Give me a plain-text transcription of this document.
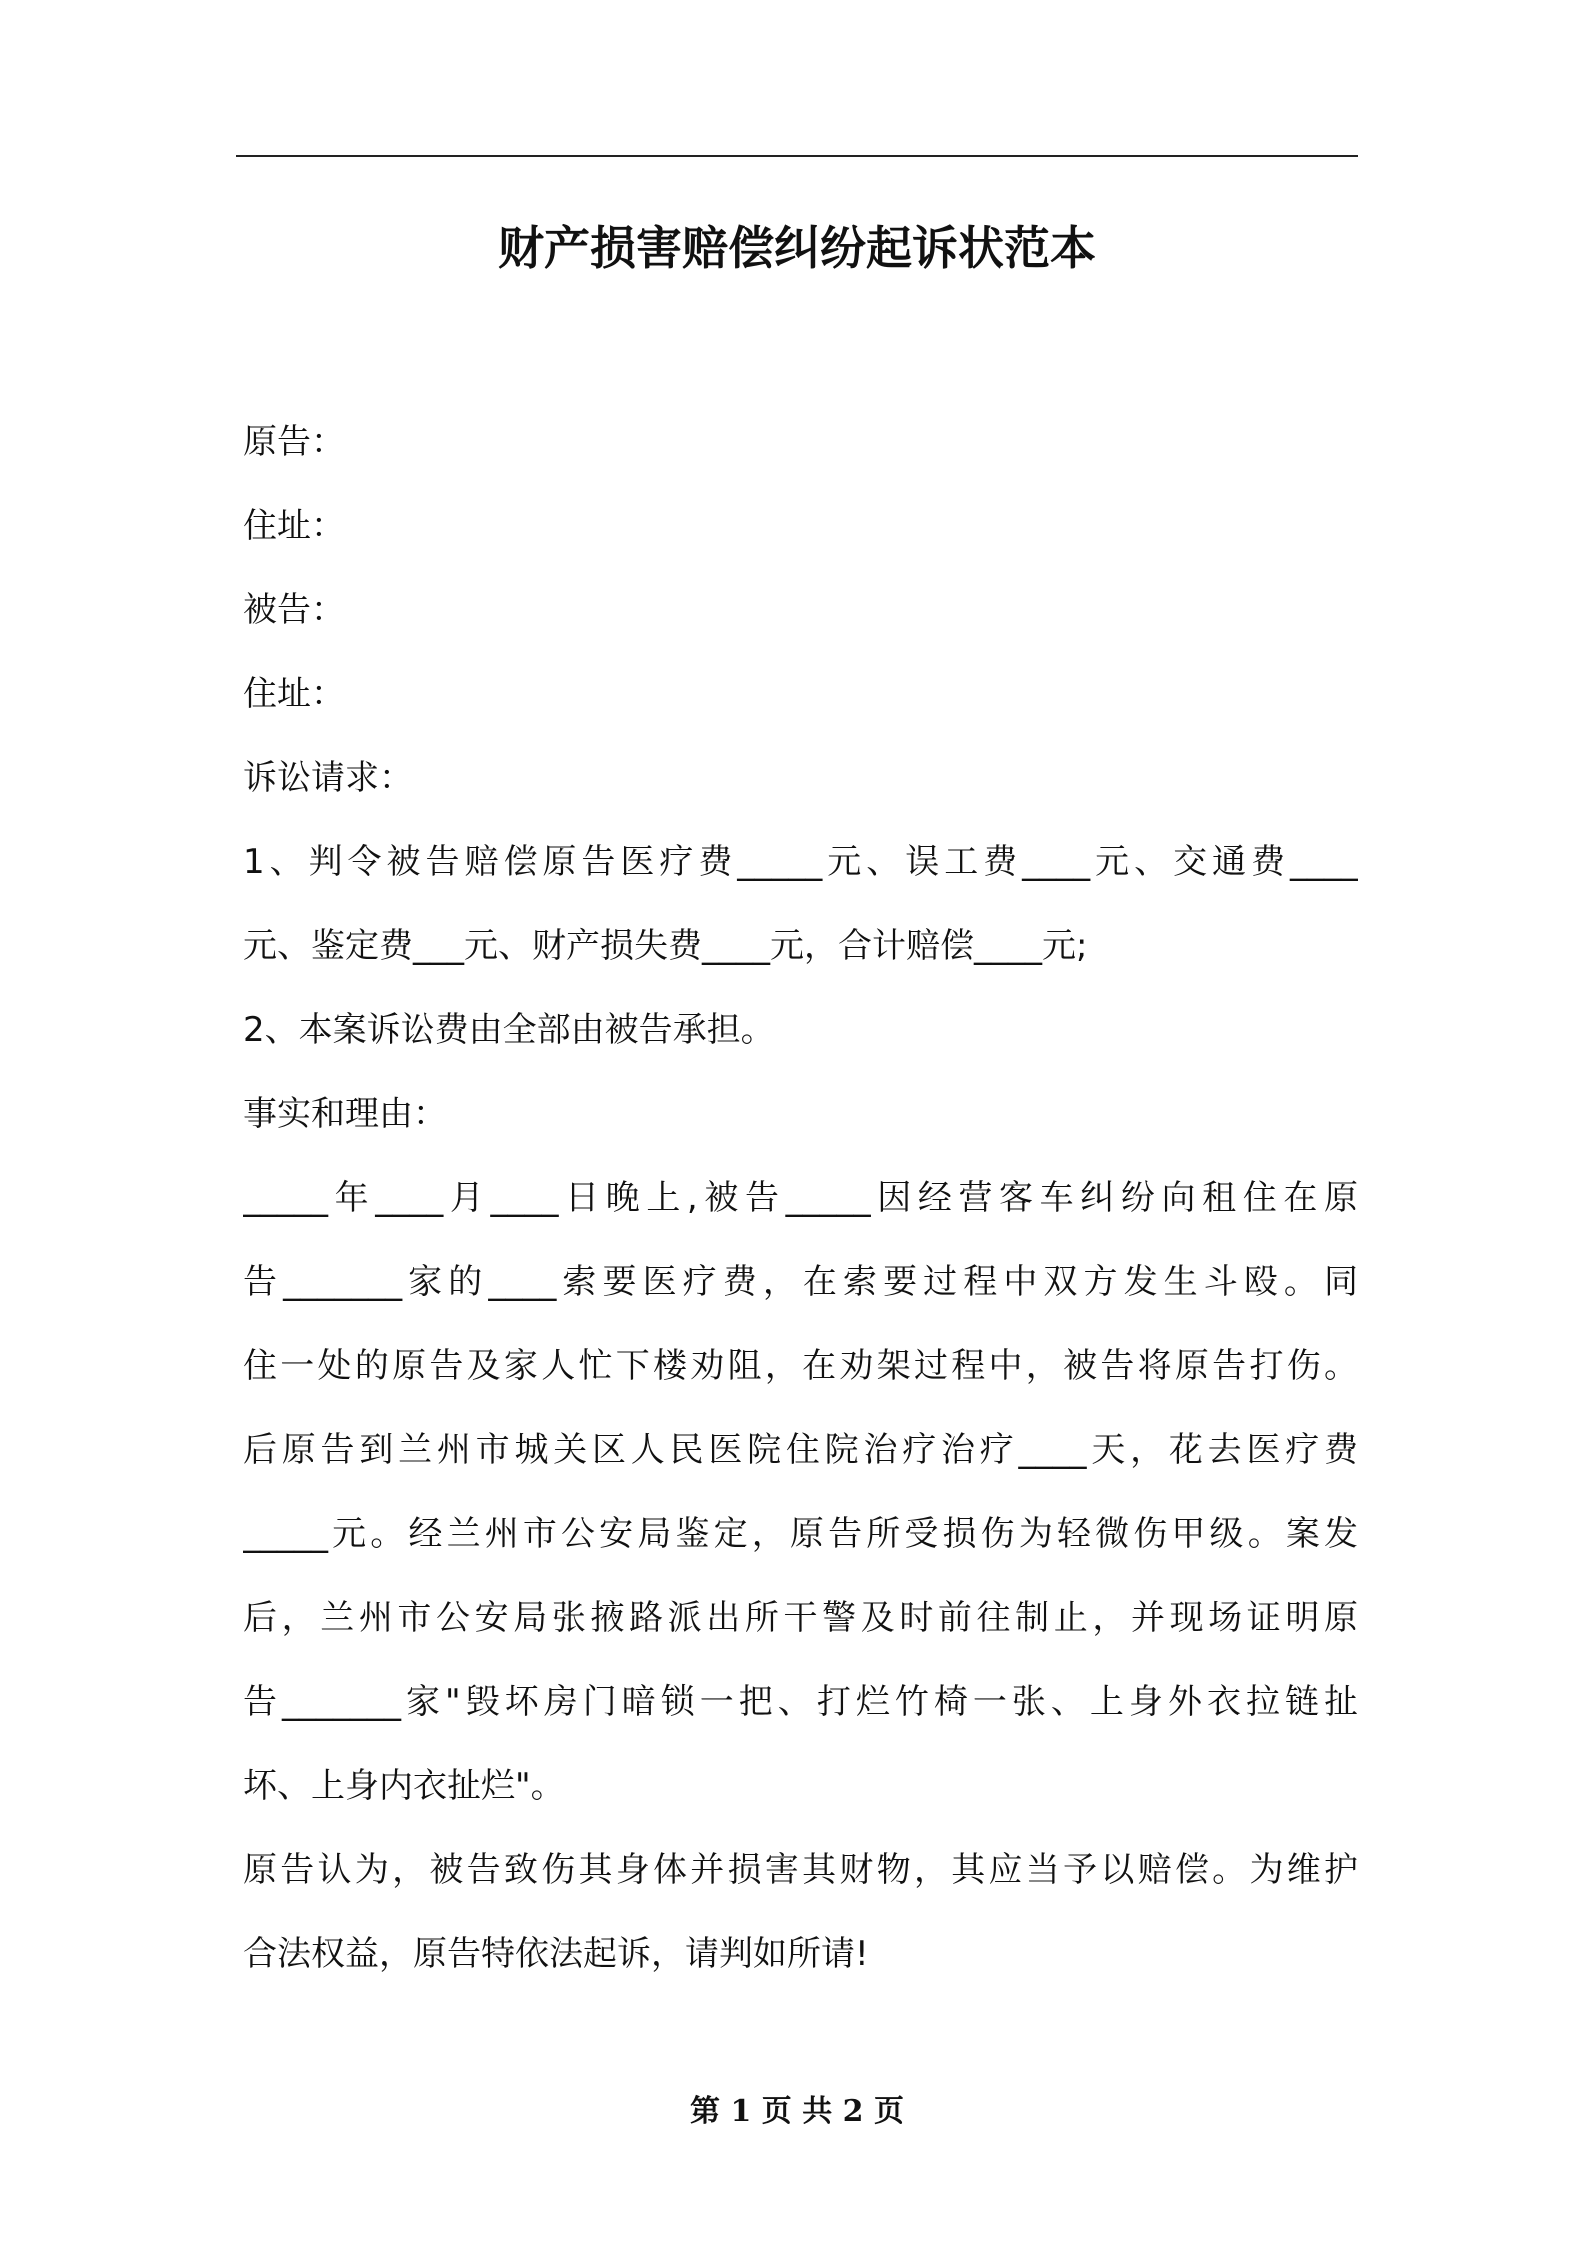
财产损害赔偿纠纷起诉状范本
原告：
住址：
被告：
住址：
诉讼请求：
1、判令被告赔偿原告医疗费_____元、误工费____元、交通费____
元、鉴定费___元、财产损失费____元，合计赔偿____元;
2、本案诉讼费由全部由被告承担。
事实和理由：
_____年____月____日晚上,被告_____因经营客车纠纷向租住在原
告_______家的____索要医疗费，在索要过程中双方发生斗殴。同
住一处的原告及家人忙下楼劝阻，在劝架过程中，被告将原告打伤。
后原告到兰州市城关区人民医院住院治疗治疗____天，花去医疗费
_____元。经兰州市公安局鉴定，原告所受损伤为轻微伤甲级。案发
后，兰州市公安局张掖路派出所干警及时前往制止，并现场证明原
告_______家"毁坏房门暗锁一把、打烂竹椅一张、上身外衣拉链扯
坏、上身内衣扯烂"。
原告认为，被告致伤其身体并损害其财物，其应当予以赔偿。为维护
合法权益，原告特依法起诉，请判如所请!
第 1 页 共 2 页
